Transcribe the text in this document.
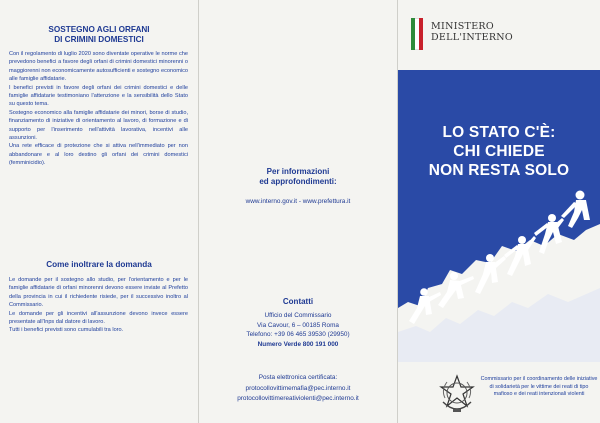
SOSTEGNO AGLI ORFANI
DI CRIMINI DOMESTICI

Con il regolamento di luglio 2020 sono diventate operative le norme che prevedono benefici a favore degli orfani di crimini domestici minorenni o maggiorenni non economicamente autosufficienti e sostegno economico alle famiglie affidatarie.

I benefici previsti in favore degli orfani dei crimini domestici e delle famiglie affidatarie testimoniano l'attenzione e la sensibilità dello Stato su questo tema.

Sostegno economico alla famiglie affidatarie dei minori, borse di studio, finanziamento di iniziative di orientamento al lavoro, di formazione e di supporto per l'inserimento nell'attività lavorativa, incentivi alle assunzioni.

Una rete efficace di protezione che si attiva nell'immediato per non abbandonare e al loro destino gli orfani dei crimini domestici (femminicidio).

Come inoltrare la domanda

Le domande per il sostegno allo studio, per l'orientamento e per le famiglie affidatarie di orfani minorenni devono essere inviate al Prefetto della provincia in cui il richiedente risiede, per il successivo inoltro al Commissario.

Le domande per gli incentivi all'assunzione devono invece essere presentate all'Inps dal datore di lavoro.

Tutti i benefici previsti sono cumulabili tra loro.

Per informazioni
ed approfondimenti:

www.interno.gov.it - www.prefettura.it

Contatti

Ufficio del Commissario
Via Cavour, 6 – 00185 Roma
Telefono: +39 06 465 39530 (29950)
Numero Verde 800 191 000
Posta elettronica certificata:
protocollovittimemafia@pec.interno.it
protocollovittimereativiolenti@pec.interno.it
MINISTERO
DELL'INTERNO
LO STATO C'È:
CHI CHIEDE
NON RESTA SOLO
Commissario per il coordinamento delle iniziative di solidarietà per le vittime dei reati di tipo mafioso e dei reati intenzionali violenti
